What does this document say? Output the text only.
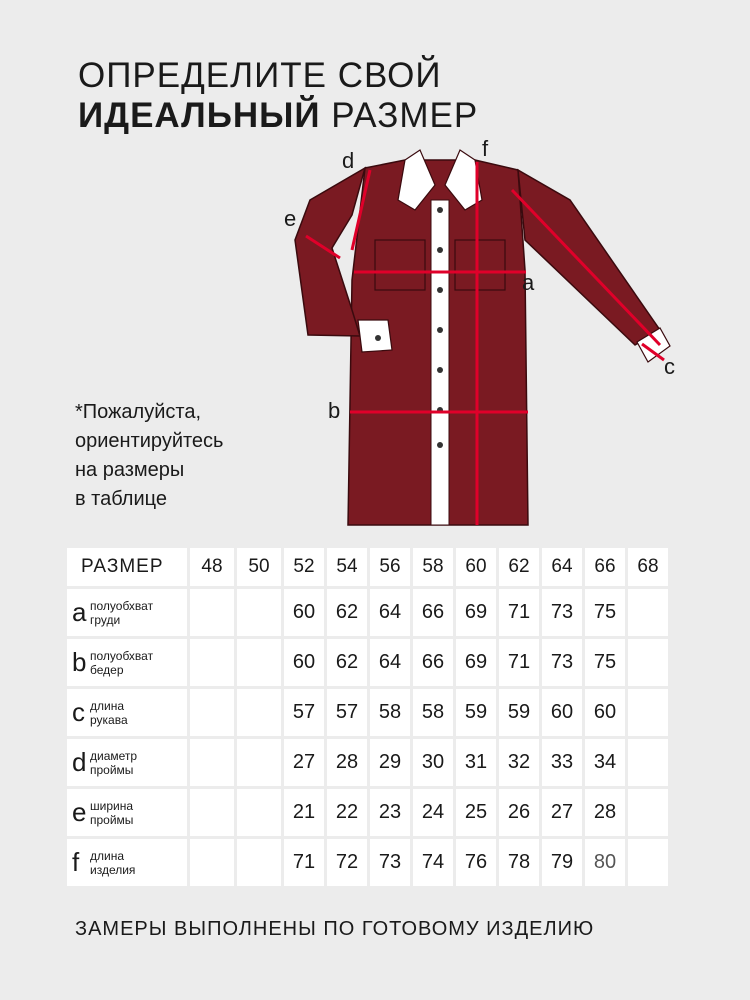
ОПРЕДЕЛИТЕ СВОЙ
ИДЕАЛЬНЫЙ РАЗМЕР
a
b
c
d
e
f
*Пожалуйста,
ориентируйтесь
на размеры
в таблице
РАЗМЕР	48	50	52	54	56	58	60	62	64	66	68
a полуобхват
груди			60	62	64	66	69	71	73	75	
b полуобхват
бедер			60	62	64	66	69	71	73	75	
c длина
рукава			57	57	58	58	59	59	60	60	
d диаметр
проймы			27	28	29	30	31	32	33	34	
e ширина
проймы			21	22	23	24	25	26	27	28	
f длина
изделия			71	72	73	74	76	78	79	80	
ЗАМЕРЫ ВЫПОЛНЕНЫ ПО ГОТОВОМУ ИЗДЕЛИЮ
